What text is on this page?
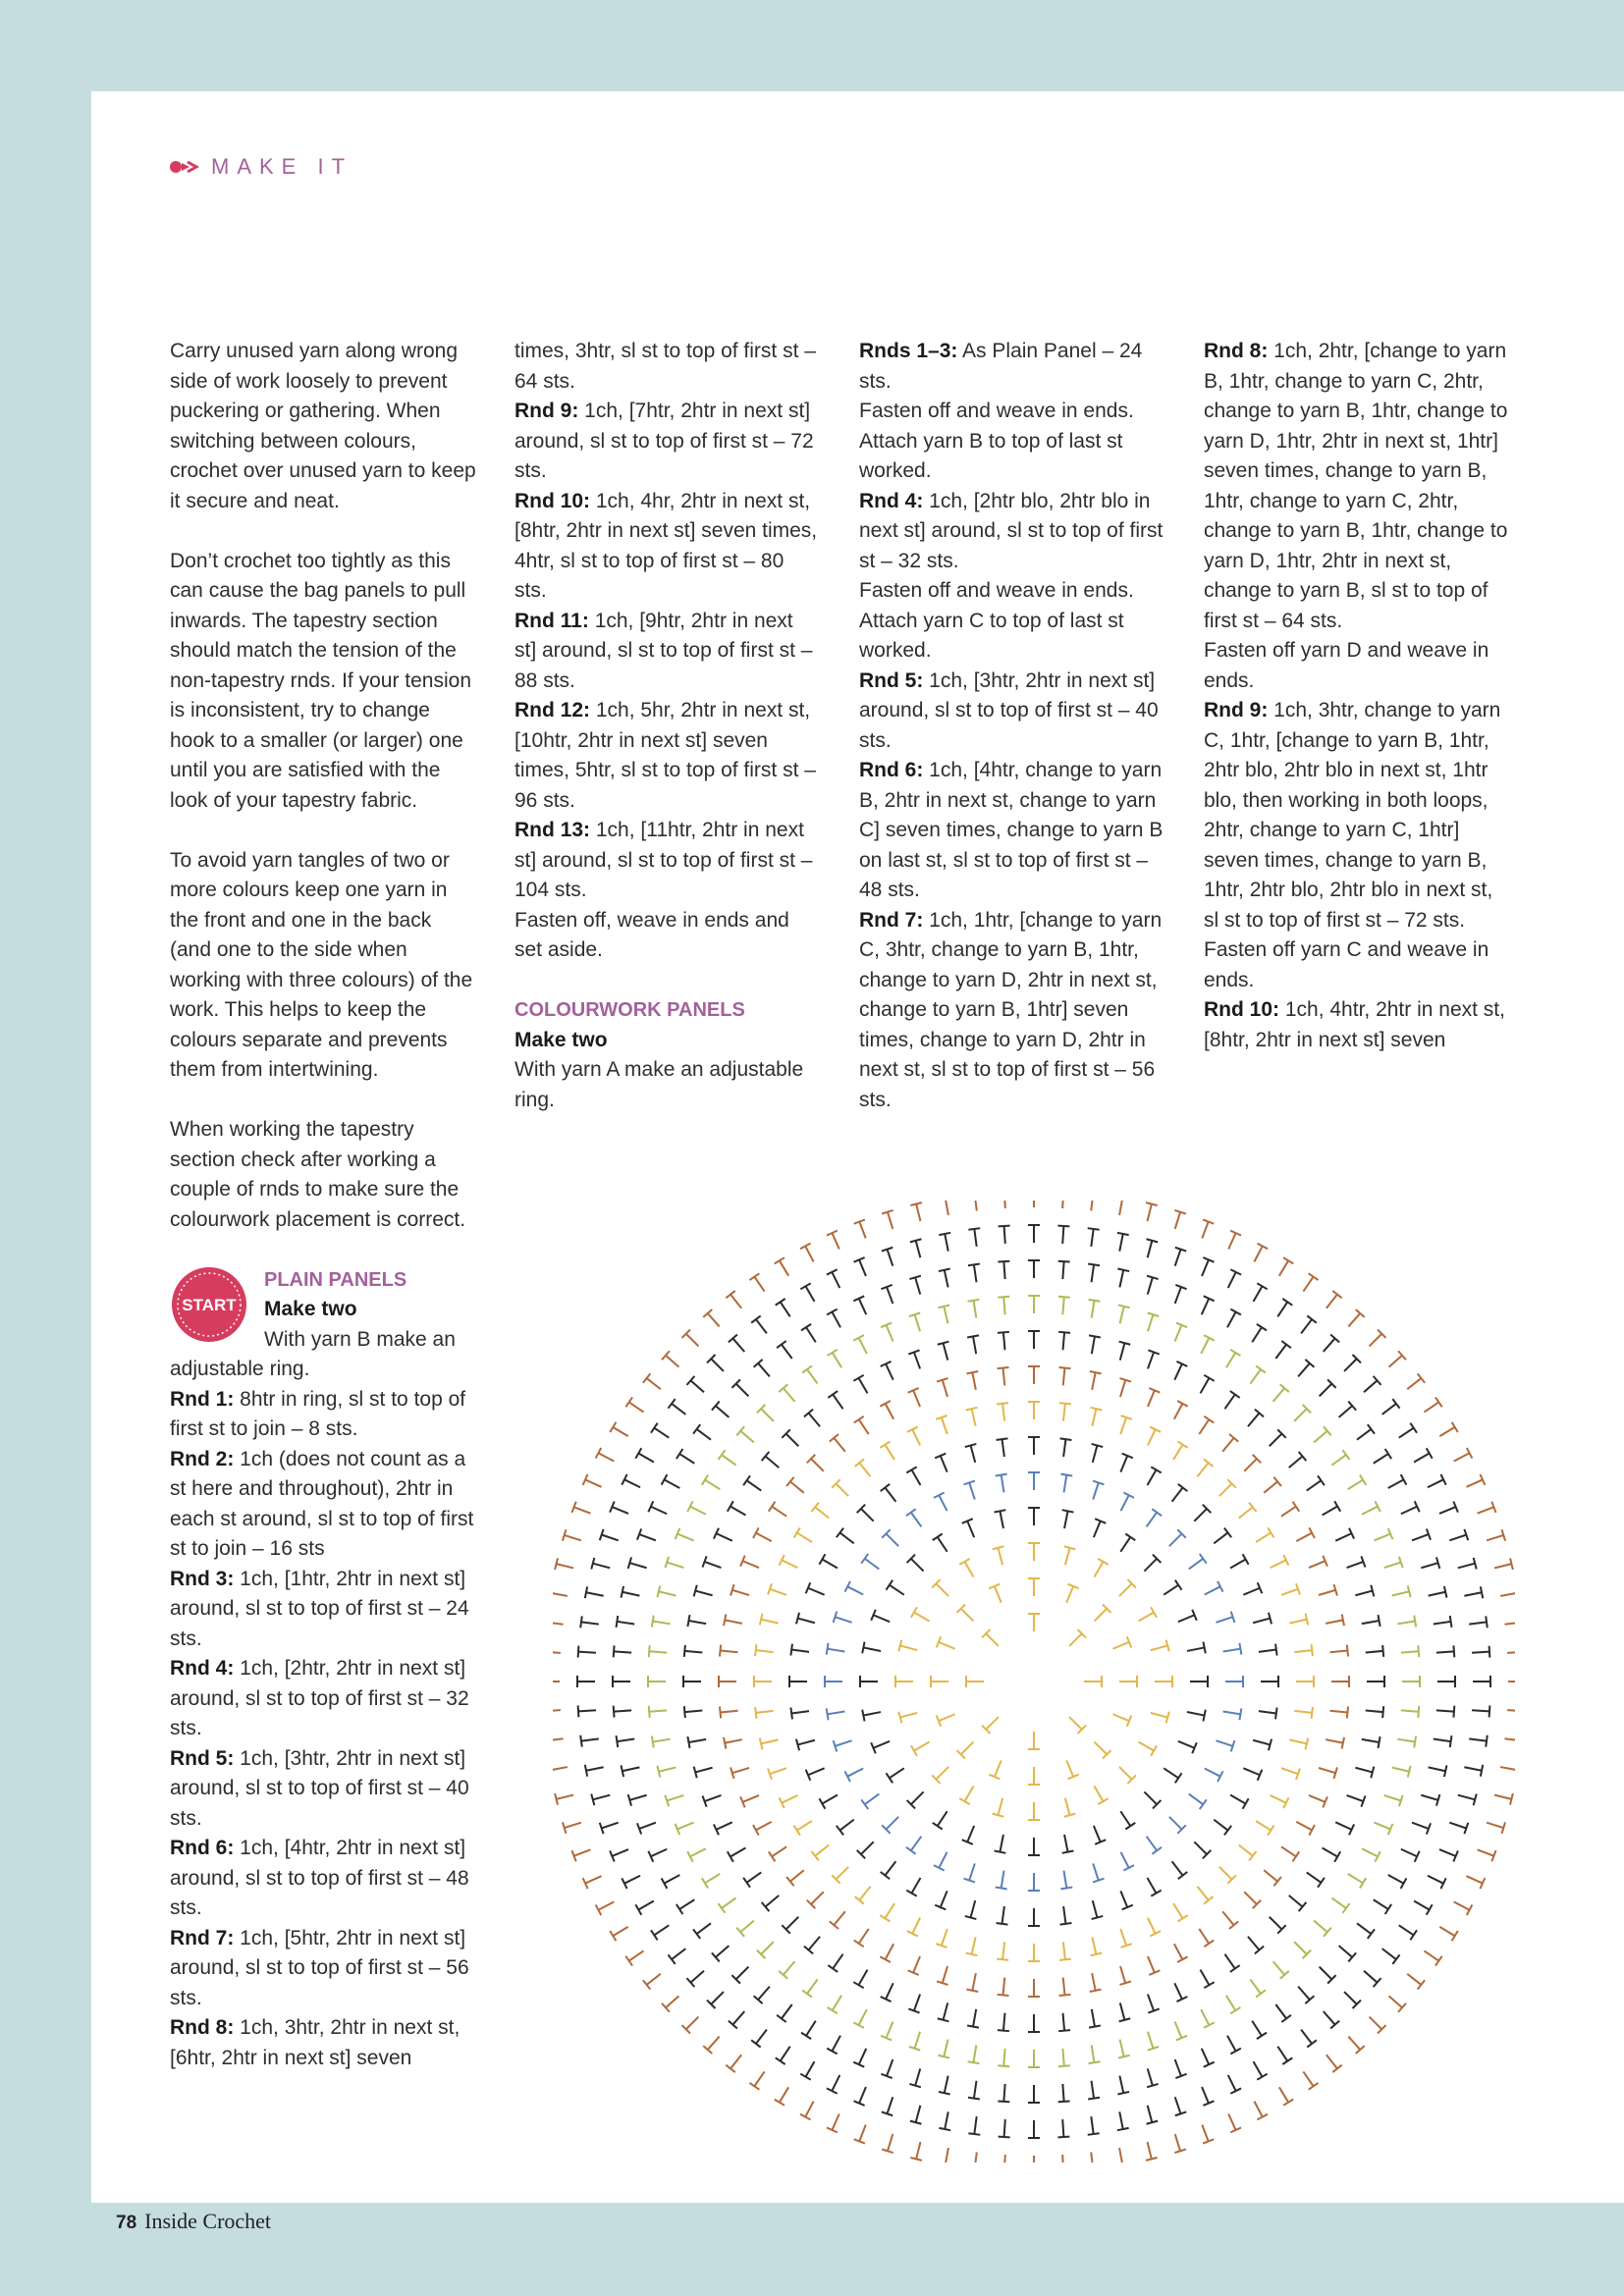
MAKE IT

Carry unused yarn along wrong side of work loosely to prevent puckering or gathering. When switching between colours, crochet over unused yarn to keep it secure and neat.

Don’t crochet too tightly as this can cause the bag panels to pull inwards. The tapestry section should match the tension of the non-tapestry rnds. If your tension is inconsistent, try to change hook to a smaller (or larger) one until you are satisfied with the look of your tapestry fabric.

To avoid yarn tangles of two or more colours keep one yarn in the front and one in the back (and one to the side when working with three colours) of the work. This helps to keep the colours separate and prevents them from intertwining.

When working the tapestry section check after working a couple of rnds to make sure the colourwork placement is correct.

START

PLAIN PANELS

Make two

With yarn B make an adjustable ring.

Rnd 1: 8htr in ring, sl st to top of first st to join – 8 sts.

Rnd 2: 1ch (does not count as a st here and throughout), 2htr in each st around, sl st to top of first st to join – 16 sts

Rnd 3: 1ch, [1htr, 2htr in next st] around, sl st to top of first st – 24 sts.

Rnd 4: 1ch, [2htr, 2htr in next st] around, sl st to top of first st – 32 sts.

Rnd 5: 1ch, [3htr, 2htr in next st] around, sl st to top of first st – 40 sts.

Rnd 6: 1ch, [4htr, 2htr in next st] around, sl st to top of first st – 48 sts.

Rnd 7: 1ch, [5htr, 2htr in next st] around, sl st to top of first st – 56 sts.

Rnd 8: 1ch, 3htr, 2htr in next st, [6htr, 2htr in next st] seven

times, 3htr, sl st to top of first st – 64 sts.

Rnd 9: 1ch, [7htr, 2htr in next st] around, sl st to top of first st – 72 sts.

Rnd 10: 1ch, 4hr, 2htr in next st, [8htr, 2htr in next st] seven times, 4htr, sl st to top of first st – 80 sts.

Rnd 11: 1ch, [9htr, 2htr in next st] around, sl st to top of first st – 88 sts.

Rnd 12: 1ch, 5hr, 2htr in next st, [10htr, 2htr in next st] seven times, 5htr, sl st to top of first st – 96 sts.

Rnd 13: 1ch, [11htr, 2htr in next st] around, sl st to top of first st – 104 sts.

Fasten off, weave in ends and set aside.

COLOURWORK PANELS

Make two

With yarn A make an adjustable ring.

Rnds 1–3: As Plain Panel – 24 sts.

Fasten off and weave in ends. Attach yarn B to top of last st worked.

Rnd 4: 1ch, [2htr blo, 2htr blo in next st] around, sl st to top of first st – 32 sts.

Fasten off and weave in ends. Attach yarn C to top of last st worked.

Rnd 5: 1ch, [3htr, 2htr in next st] around, sl st to top of first st – 40 sts.

Rnd 6: 1ch, [4htr, change to yarn B, 2htr in next st, change to yarn C] seven times, change to yarn B on last st, sl st to top of first st – 48 sts.

Rnd 7: 1ch, 1htr, [change to yarn C, 3htr, change to yarn B, 1htr, change to yarn D, 2htr in next st, change to yarn B, 1htr] seven times, change to yarn D, 2htr in next st, sl st to top of first st – 56 sts.

Rnd 8: 1ch, 2htr, [change to yarn B, 1htr, change to yarn C, 2htr, change to yarn B, 1htr, change to yarn D, 1htr, 2htr in next st, 1htr] seven times, change to yarn B, 1htr, change to yarn C, 2htr, change to yarn B, 1htr, change to yarn D, 1htr, 2htr in next st, change to yarn B, sl st to top of first st – 64 sts.

Fasten off yarn D and weave in ends.

Rnd 9: 1ch, 3htr, change to yarn C, 1htr, [change to yarn B, 1htr, 2htr blo, 2htr blo in next st, 1htr blo, then working in both loops, 2htr, change to yarn C, 1htr] seven times, change to yarn B, 1htr, 2htr blo, 2htr blo in next st, sl st to top of first st – 72 sts.

Fasten off yarn C and weave in ends.

Rnd 10: 1ch, 4htr, 2htr in next st, [8htr, 2htr in next st] seven

78 Inside Crochet
